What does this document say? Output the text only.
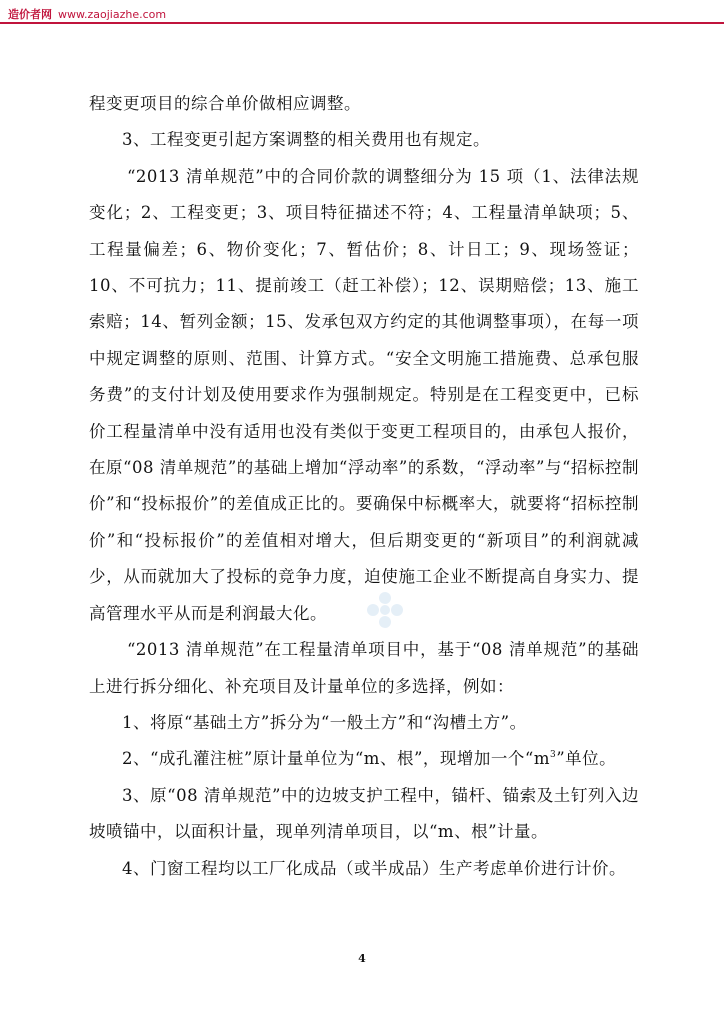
造价者网 www.zaojiazhe.com

程变更项目的综合单价做相应调整。

3、工程变更引起方案调整的相关费用也有规定。

“2013 清单规范”中的合同价款的调整细分为 15 项（1、法律法规变化；2、工程变更；3、项目特征描述不符；4、工程量清单缺项；5、工程量偏差；6、物价变化；7、暂估价；8、计日工；9、现场签证；10、不可抗力；11、提前竣工（赶工补偿）；12、误期赔偿；13、施工索赔；14、暂列金额；15、发承包双方约定的其他调整事项），在每一项中规定调整的原则、范围、计算方式。“安全文明施工措施费、总承包服务费”的支付计划及使用要求作为强制规定。特别是在工程变更中，已标价工程量清单中没有适用也没有类似于变更工程项目的，由承包人报价，在原“08 清单规范”的基础上增加“浮动率”的系数，“浮动率”与“招标控制价”和“投标报价”的差值成正比的。要确保中标概率大，就要将“招标控制价”和“投标报价”的差值相对增大，但后期变更的“新项目”的利润就减少，从而就加大了投标的竞争力度，迫使施工企业不断提高自身实力、提高管理水平从而是利润最大化。

“2013 清单规范”在工程量清单项目中，基于“08 清单规范”的基础上进行拆分细化、补充项目及计量单位的多选择，例如：

1、将原“基础土方”拆分为“一般土方”和“沟槽土方”。

2、“成孔灌注桩”原计量单位为“m、根”，现增加一个“$m^3$”单位。

3、原“08 清单规范”中的边坡支护工程中，锚杆、锚索及土钉列入边坡喷锚中，以面积计量，现单列清单项目，以“m、根”计量。

4、门窗工程均以工厂化成品（或半成品）生产考虑单价进行计价。

4
